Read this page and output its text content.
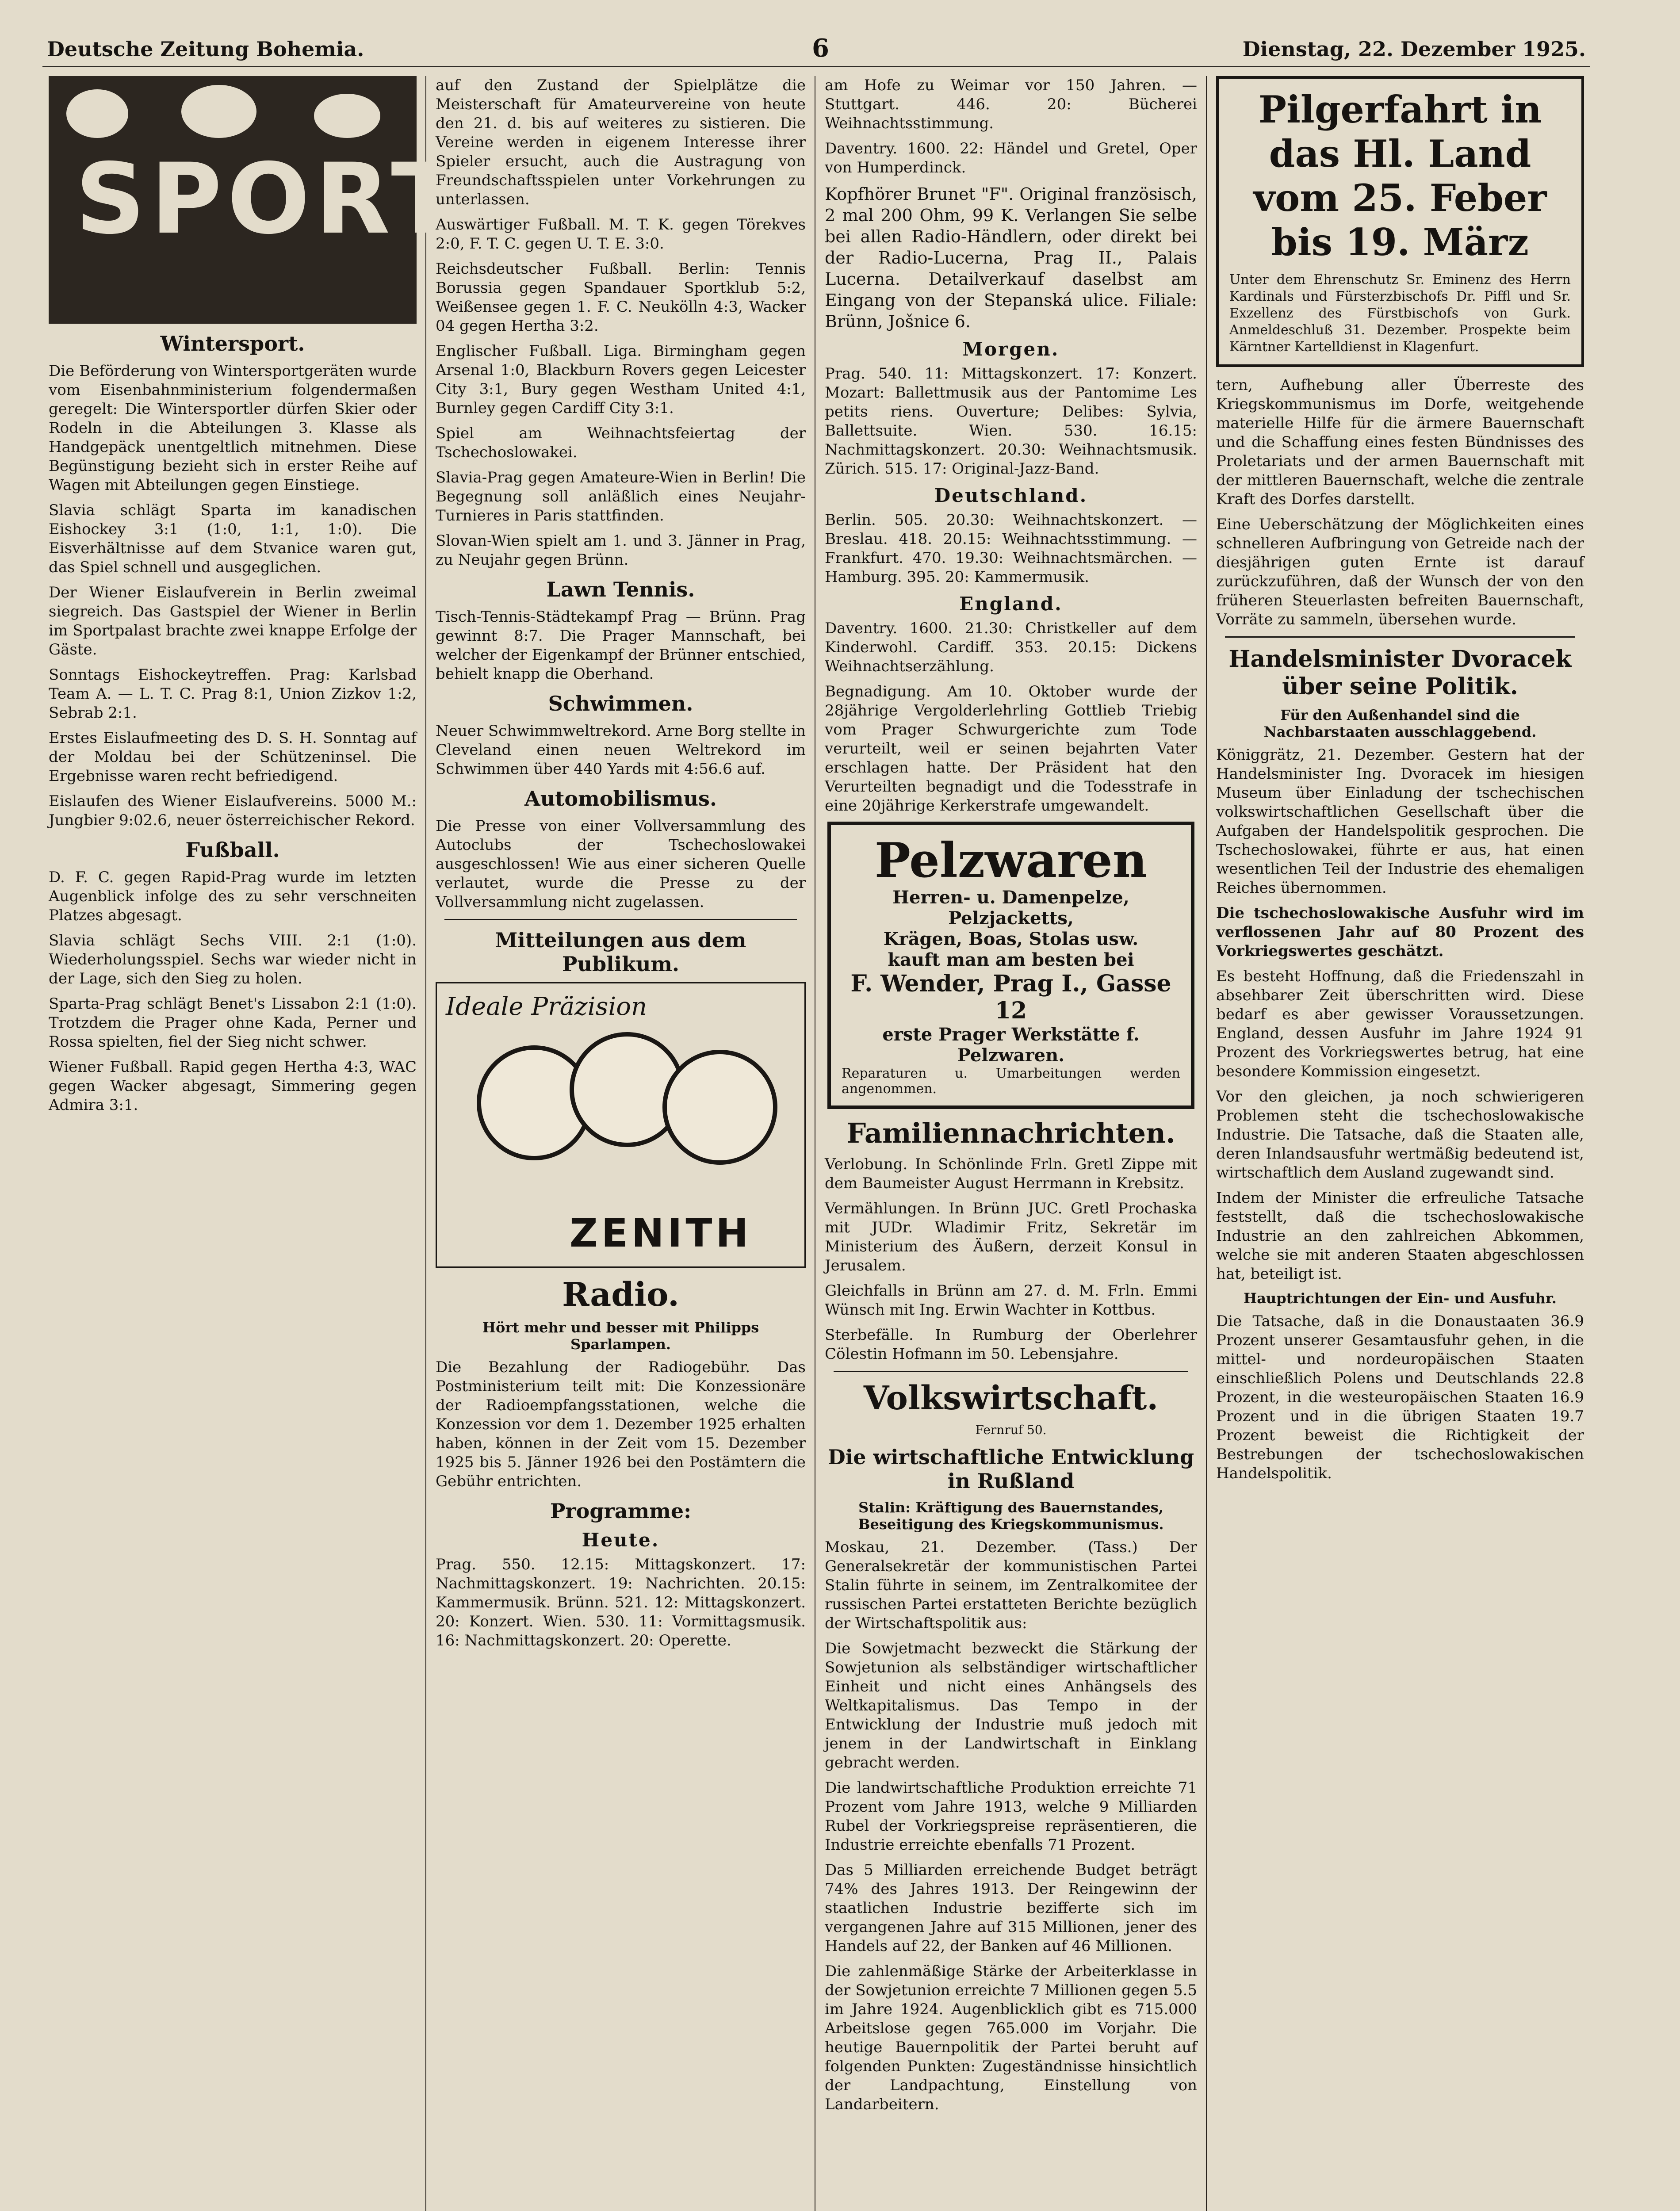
Deutsche Zeitung Bohemia.	6	Dienstag, 22. Dezember 1925.
SPORT
Wintersport.

Die Beförderung von Wintersportgeräten wurde vom Eisenbahnministerium folgendermaßen geregelt: Die Wintersportler dürfen Skier oder Rodeln in die Abteilungen 3. Klasse als Handgepäck unentgeltlich mitnehmen. Diese Begünstigung bezieht sich in erster Reihe auf Wagen mit Abteilungen gegen Einstiege.

Slavia schlägt Sparta im kanadischen Eishockey 3:1 (1:0, 1:1, 1:0). Die Eisverhältnisse auf dem Stvanice waren gut, das Spiel schnell und ausgeglichen.

Der Wiener Eislaufverein in Berlin zweimal siegreich. Das Gastspiel der Wiener in Berlin im Sportpalast brachte zwei knappe Erfolge der Gäste.

Sonntags Eishockeytreffen. Prag: Karlsbad Team A. — L. T. C. Prag 8:1, Union Zizkov 1:2, Sebrab 2:1.

Erstes Eislaufmeeting des D. S. H. Sonntag auf der Moldau bei der Schützeninsel. Die Ergebnisse waren recht befriedigend.

Eislaufen des Wiener Eislaufvereins. 5000 M.: Jungbier 9:02.6, neuer österreichischer Rekord.

Fußball.

D. F. C. gegen Rapid-Prag wurde im letzten Augenblick infolge des zu sehr verschneiten Platzes abgesagt.

Slavia schlägt Sechs VIII. 2:1 (1:0). Wiederholungsspiel. Sechs war wieder nicht in der Lage, sich den Sieg zu holen.

Sparta-Prag schlägt Benet's Lissabon 2:1 (1:0). Trotzdem die Prager ohne Kada, Perner und Rossa spielten, fiel der Sieg nicht schwer.

Wiener Fußball. Rapid gegen Hertha 4:3, WAC gegen Wacker abgesagt, Simmering gegen Admira 3:1.

auf den Zustand der Spielplätze die Meisterschaft für Amateurvereine von heute den 21. d. bis auf weiteres zu sistieren. Die Vereine werden in eigenem Interesse ihrer Spieler ersucht, auch die Austragung von Freundschaftsspielen unter Vorkehrungen zu unterlassen.

Auswärtiger Fußball. M. T. K. gegen Törekves 2:0, F. T. C. gegen U. T. E. 3:0.

Reichsdeutscher Fußball. Berlin: Tennis Borussia gegen Spandauer Sportklub 5:2, Weißensee gegen 1. F. C. Neukölln 4:3, Wacker 04 gegen Hertha 3:2.

Englischer Fußball. Liga. Birmingham gegen Arsenal 1:0, Blackburn Rovers gegen Leicester City 3:1, Bury gegen Westham United 4:1, Burnley gegen Cardiff City 3:1.

Spiel am Weihnachtsfeiertag der Tschechoslowakei.

Slavia-Prag gegen Amateure-Wien in Berlin! Die Begegnung soll anläßlich eines Neujahr-Turnieres in Paris stattfinden.

Slovan-Wien spielt am 1. und 3. Jänner in Prag, zu Neujahr gegen Brünn.

Lawn Tennis.

Tisch-Tennis-Städtekampf Prag — Brünn. Prag gewinnt 8:7. Die Prager Mannschaft, bei welcher der Eigenkampf der Brünner entschied, behielt knapp die Oberhand.

Schwimmen.

Neuer Schwimmweltrekord. Arne Borg stellte in Cleveland einen neuen Weltrekord im Schwimmen über 440 Yards mit 4:56.6 auf.

Automobilismus.

Die Presse von einer Vollversammlung des Autoclubs der Tschechoslowakei ausgeschlossen! Wie aus einer sicheren Quelle verlautet, wurde die Presse zu der Vollversammlung nicht zugelassen.

Mitteilungen aus dem Publikum.
Ideale Präzision
ZENITH
Radio.
Hört mehr und besser mit Philipps Sparlampen.

Die Bezahlung der Radiogebühr. Das Postministerium teilt mit: Die Konzessionäre der Radioempfangsstationen, welche die Konzession vor dem 1. Dezember 1925 erhalten haben, können in der Zeit vom 15. Dezember 1925 bis 5. Jänner 1926 bei den Postämtern die Gebühr entrichten.

Programme:
Heute.

Prag. 550. 12.15: Mittagskonzert. 17: Nachmittagskonzert. 19: Nachrichten. 20.15: Kammermusik. Brünn. 521. 12: Mittagskonzert. 20: Konzert. Wien. 530. 11: Vormittagsmusik. 16: Nachmittagskonzert. 20: Operette.

am Hofe zu Weimar vor 150 Jahren. — Stuttgart. 446. 20: Bücherei Weihnachtsstimmung.

Daventry. 1600. 22: Händel und Gretel, Oper von Humperdinck.

Kopfhörer Brunet "F". Original französisch, 2 mal 200 Ohm, 99 K. Verlangen Sie selbe bei allen Radio-Händlern, oder direkt bei der Radio-Lucerna, Prag II., Palais Lucerna. Detailverkauf daselbst am Eingang von der Stepanská ulice. Filiale: Brünn, Jošnice 6.

Morgen.

Prag. 540. 11: Mittagskonzert. 17: Konzert. Mozart: Ballettmusik aus der Pantomime Les petits riens. Ouverture; Delibes: Sylvia, Ballettsuite. Wien. 530. 16.15: Nachmittagskonzert. 20.30: Weihnachtsmusik. Zürich. 515. 17: Original-Jazz-Band.

Deutschland.

Berlin. 505. 20.30: Weihnachtskonzert. — Breslau. 418. 20.15: Weihnachtsstimmung. — Frankfurt. 470. 19.30: Weihnachtsmärchen. — Hamburg. 395. 20: Kammermusik.

England.

Daventry. 1600. 21.30: Christkeller auf dem Kinderwohl. Cardiff. 353. 20.15: Dickens Weihnachtserzählung.

Begnadigung. Am 10. Oktober wurde der 28jährige Vergolderlehrling Gottlieb Triebig vom Prager Schwurgerichte zum Tode verurteilt, weil er seinen bejahrten Vater erschlagen hatte. Der Präsident hat den Verurteilten begnadigt und die Todesstrafe in eine 20jährige Kerkerstrafe umgewandelt.

Pelzwaren
Herren- u. Damenpelze, Pelzjacketts,
Krägen, Boas, Stolas usw.
kauft man am besten bei
F. Wender, Prag I., Gasse 12
erste Prager Werkstätte f. Pelzwaren.
Reparaturen u. Umarbeitungen werden angenommen.
Familiennachrichten.

Verlobung. In Schönlinde Frln. Gretl Zippe mit dem Baumeister August Herrmann in Krebsitz.

Vermählungen. In Brünn JUC. Gretl Prochaska mit JUDr. Wladimir Fritz, Sekretär im Ministerium des Äußern, derzeit Konsul in Jerusalem.

Gleichfalls in Brünn am 27. d. M. Frln. Emmi Wünsch mit Ing. Erwin Wachter in Kottbus.

Sterbefälle. In Rumburg der Oberlehrer Cölestin Hofmann im 50. Lebensjahre.

Volkswirtschaft.
Fernruf 50.
Die wirtschaftliche Entwicklung in Rußland
Stalin: Kräftigung des Bauernstandes, Beseitigung des Kriegskommunismus.

Moskau, 21. Dezember. (Tass.) Der Generalsekretär der kommunistischen Partei Stalin führte in seinem, im Zentralkomitee der russischen Partei erstatteten Berichte bezüglich der Wirtschaftspolitik aus:

Die Sowjetmacht bezweckt die Stärkung der Sowjetunion als selbständiger wirtschaftlicher Einheit und nicht eines Anhängsels des Weltkapitalismus. Das Tempo in der Entwicklung der Industrie muß jedoch mit jenem in der Landwirtschaft in Einklang gebracht werden.

Die landwirtschaftliche Produktion erreichte 71 Prozent vom Jahre 1913, welche 9 Milliarden Rubel der Vorkriegspreise repräsentieren, die Industrie erreichte ebenfalls 71 Prozent.

Das 5 Milliarden erreichende Budget beträgt 74% des Jahres 1913. Der Reingewinn der staatlichen Industrie bezifferte sich im vergangenen Jahre auf 315 Millionen, jener des Handels auf 22, der Banken auf 46 Millionen.

Die zahlenmäßige Stärke der Arbeiterklasse in der Sowjetunion erreichte 7 Millionen gegen 5.5 im Jahre 1924. Augenblicklich gibt es 715.000 Arbeitslose gegen 765.000 im Vorjahr. Die heutige Bauernpolitik der Partei beruht auf folgenden Punkten: Zugeständnisse hinsichtlich der Landpachtung, Einstellung von Landarbeitern.

Pilgerfahrt in das Hl. Land vom 25. Feber bis 19. März
Unter dem Ehrenschutz Sr. Eminenz des Herrn Kardinals und Fürsterzbischofs Dr. Piffl und Sr. Exzellenz des Fürstbischofs von Gurk. Anmeldeschluß 31. Dezember. Prospekte beim Kärntner Kartelldienst in Klagenfurt.

tern, Aufhebung aller Überreste des Kriegskommunismus im Dorfe, weitgehende materielle Hilfe für die ärmere Bauernschaft und die Schaffung eines festen Bündnisses des Proletariats und der armen Bauernschaft mit der mittleren Bauernschaft, welche die zentrale Kraft des Dorfes darstellt.

Eine Ueberschätzung der Möglichkeiten eines schnelleren Aufbringung von Getreide nach der diesjährigen guten Ernte ist darauf zurückzuführen, daß der Wunsch der von den früheren Steuerlasten befreiten Bauernschaft, Vorräte zu sammeln, übersehen wurde.

Handelsminister Dvoracek über seine Politik.
Für den Außenhandel sind die Nachbarstaaten ausschlaggebend.

Königgrätz, 21. Dezember. Gestern hat der Handelsminister Ing. Dvoracek im hiesigen Museum über Einladung der tschechischen volkswirtschaftlichen Gesellschaft über die Aufgaben der Handelspolitik gesprochen. Die Tschechoslowakei, führte er aus, hat einen wesentlichen Teil der Industrie des ehemaligen Reiches übernommen.

Die tschechoslowakische Ausfuhr wird im verflossenen Jahr auf 80 Prozent des Vorkriegswertes geschätzt.

Es besteht Hoffnung, daß die Friedenszahl in absehbarer Zeit überschritten wird. Diese bedarf es aber gewisser Voraussetzungen. England, dessen Ausfuhr im Jahre 1924 91 Prozent des Vorkriegswertes betrug, hat eine besondere Kommission eingesetzt.

Vor den gleichen, ja noch schwierigeren Problemen steht die tschechoslowakische Industrie. Die Tatsache, daß die Staaten alle, deren Inlandsausfuhr wertmäßig bedeutend ist, wirtschaftlich dem Ausland zugewandt sind.

Indem der Minister die erfreuliche Tatsache feststellt, daß die tschechoslowakische Industrie an den zahlreichen Abkommen, welche sie mit anderen Staaten abgeschlossen hat, beteiligt ist.

Hauptrichtungen der Ein- und Ausfuhr.

Die Tatsache, daß in die Donaustaaten 36.9 Prozent unserer Gesamtausfuhr gehen, in die mittel- und nordeuropäischen Staaten einschließlich Polens und Deutschlands 22.8 Prozent, in die westeuropäischen Staaten 16.9 Prozent und in die übrigen Staaten 19.7 Prozent beweist die Richtigkeit der Bestrebungen der tschechoslowakischen Handelspolitik.
